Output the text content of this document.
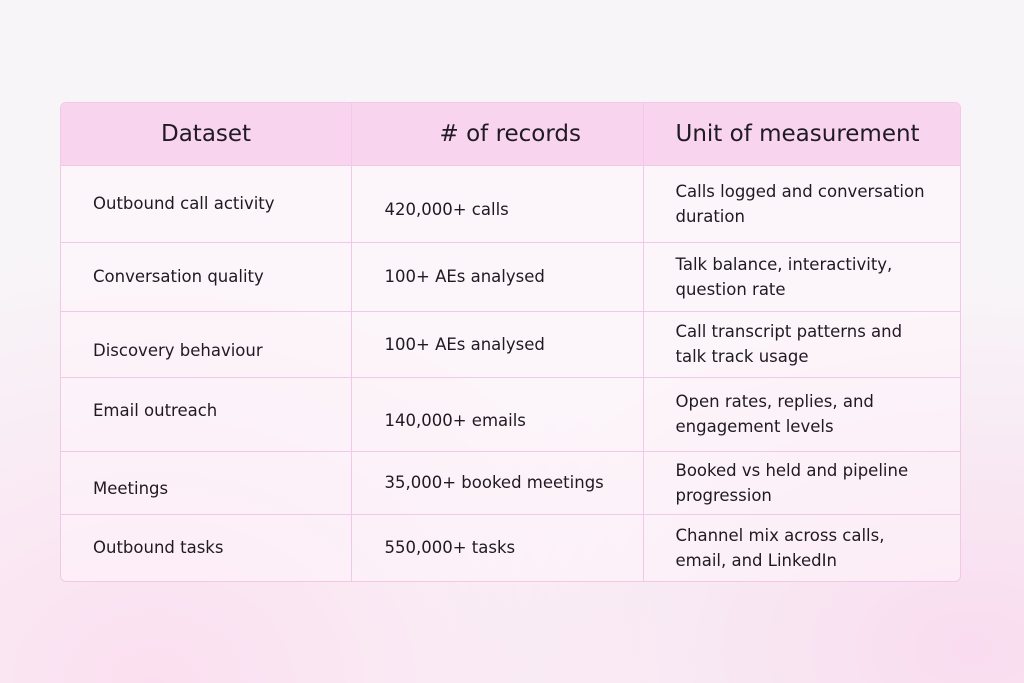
Dataset	# of records	Unit of measurement
Outbound call activity	420,000+ calls	Calls logged and conversation duration

Conversation quality	100+ AEs analysed	Talk balance, interactivity, question rate

Discovery behaviour	100+ AEs analysed	Call transcript patterns and talk track usage

Email outreach	140,000+ emails	Open rates, replies, and engagement levels

Meetings	35,000+ booked meetings	Booked vs held and pipeline progression

Outbound tasks	550,000+ tasks	Channel mix across calls, email, and LinkedIn
